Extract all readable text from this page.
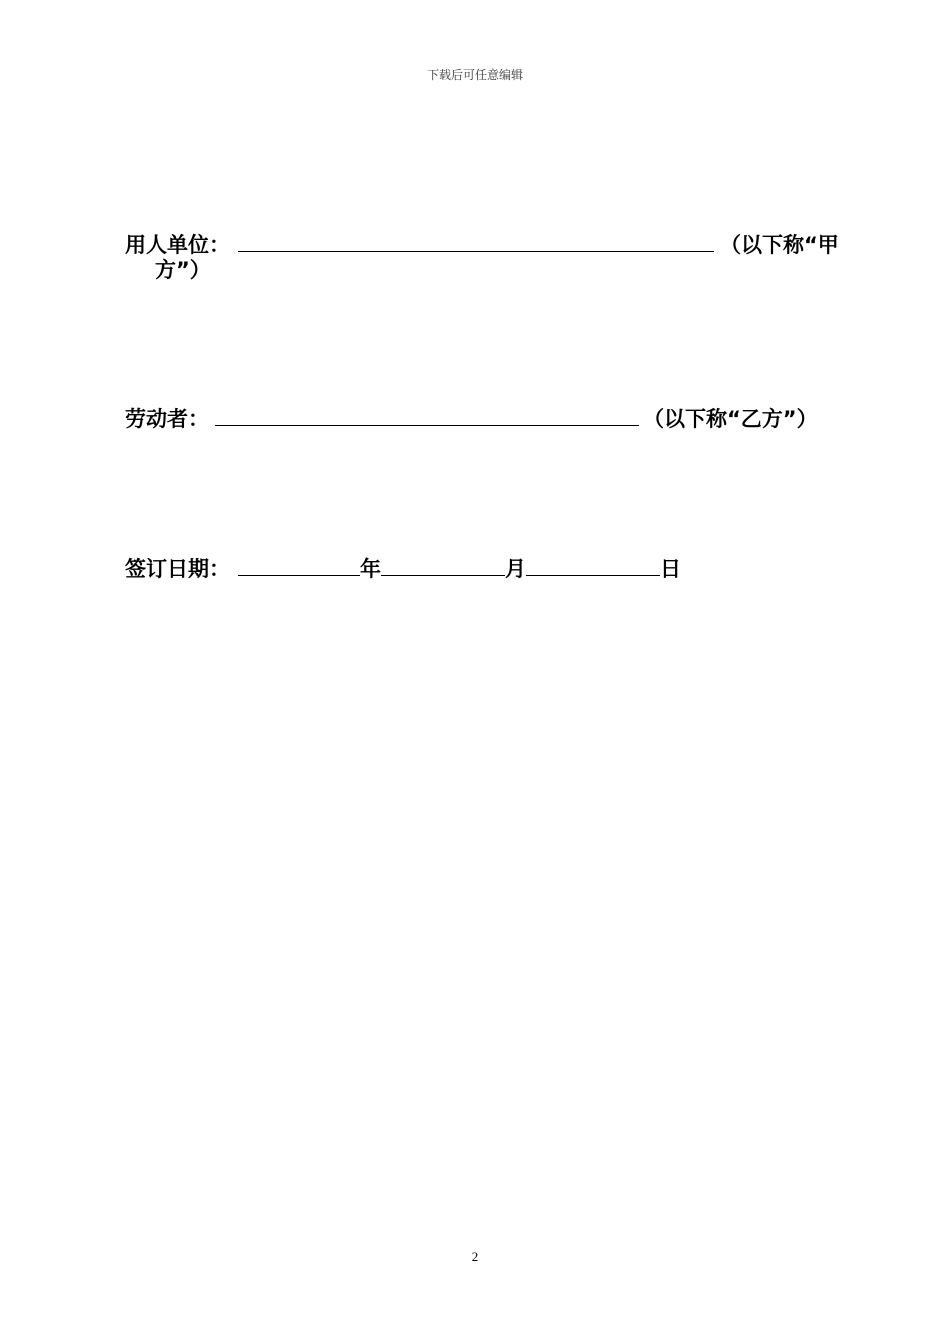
下载后可任意编辑
用人单位：	（以下称“甲
方”）
劳动者：	（以下称“乙方”）
签订日期：	年	月	日
2
